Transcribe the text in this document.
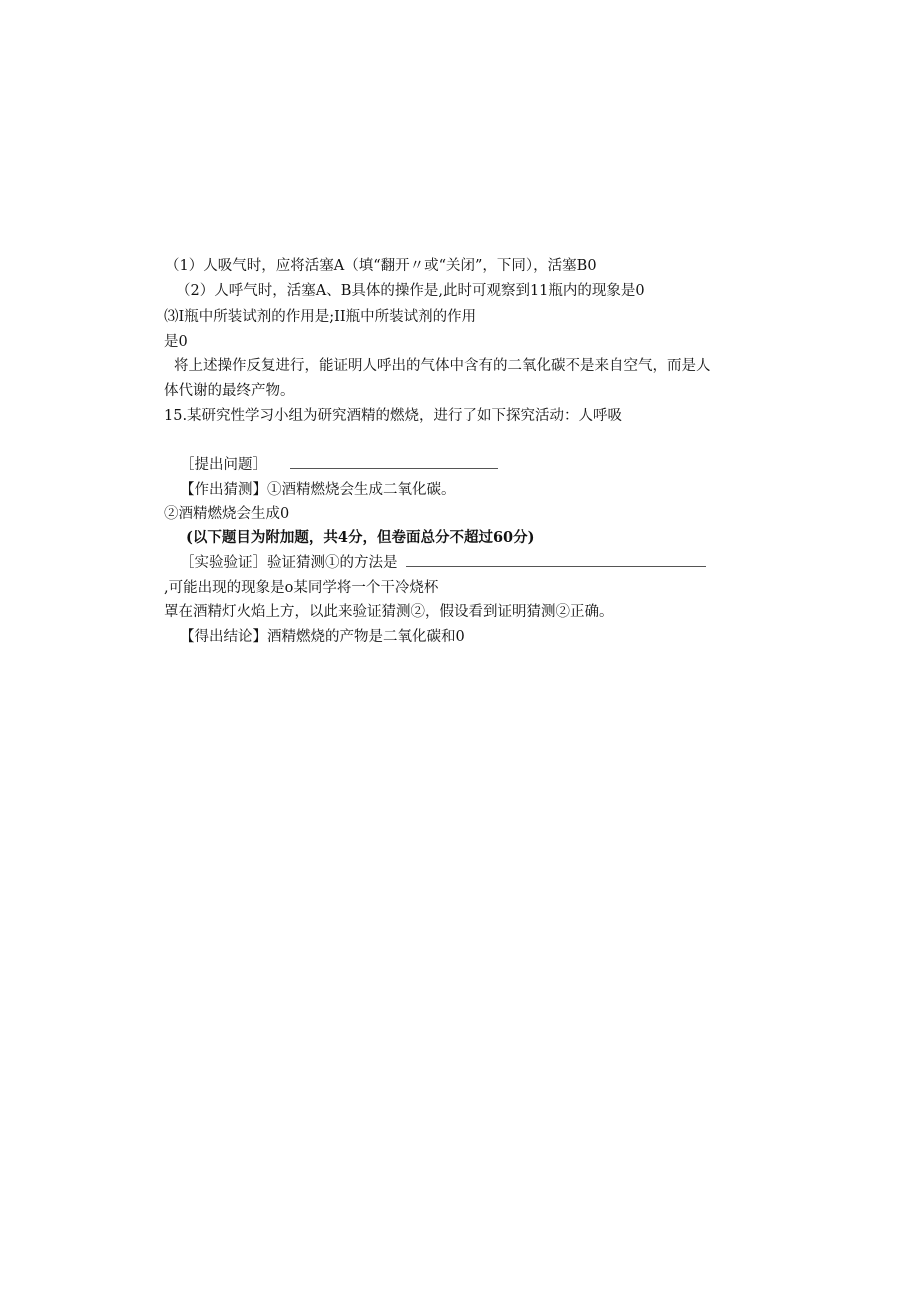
（1）人吸气时，应将活塞A（填“翻开〃或“关闭”，下同），活塞B0
（2）人呼气时，活塞A、B具体的操作是,此时可观察到11瓶内的现象是0
⑶I瓶中所装试剂的作用是;II瓶中所装试剂的作用
是0
将上述操作反复进行，能证明人呼出的气体中含有的二氧化碳不是来自空气，而是人
体代谢的最终产物。
15.某研究性学习小组为研究酒精的燃烧，进行了如下探究活动：人呼吸
［提出问题］
【作出猜测】①酒精燃烧会生成二氧化碳。
②酒精燃烧会生成0
(以下题目为附加题，共4分，但卷面总分不超过60分)
［实验验证］验证猜测①的方法是
,可能出现的现象是o某同学将一个干冷烧杯
罩在酒精灯火焰上方，以此来验证猜测②，假设看到证明猜测②正确。
【得出结论】酒精燃烧的产物是二氧化碳和0
